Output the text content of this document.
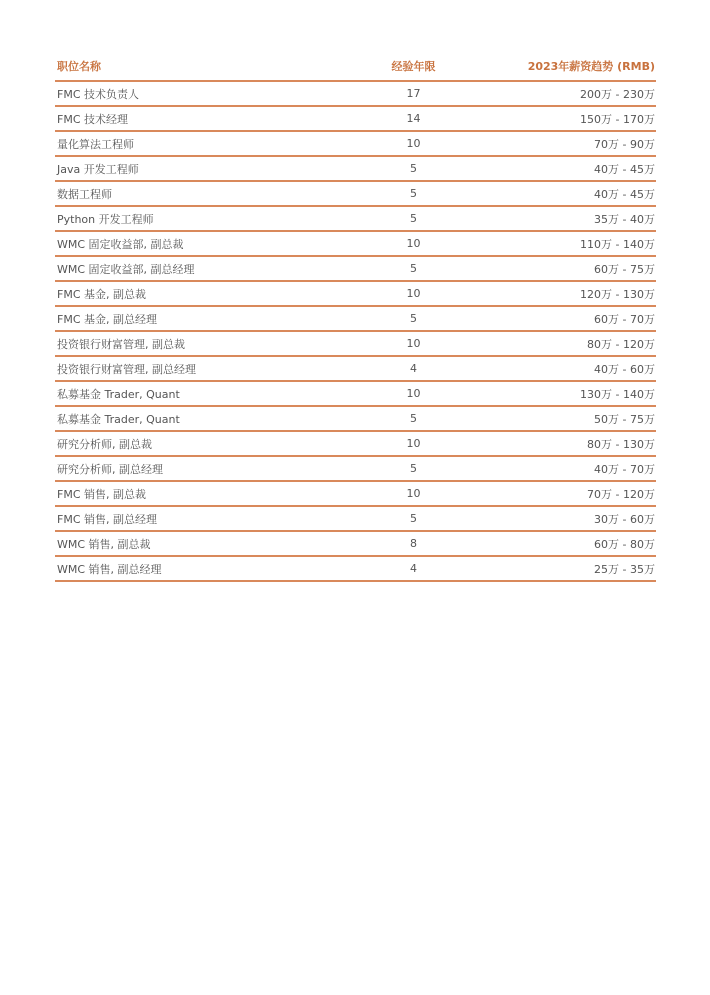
职位名称	经验年限	2023年薪资趋势 (RMB)
FMC 技术负责人	17	200万 - 230万
FMC 技术经理	14	150万 - 170万
量化算法工程师	10	70万 - 90万
Java 开发工程师	5	40万 - 45万
数据工程师	5	40万 - 45万
Python 开发工程师	5	35万 - 40万
WMC 固定收益部, 副总裁	10	110万 - 140万
WMC 固定收益部, 副总经理	5	60万 - 75万
FMC 基金, 副总裁	10	120万 - 130万
FMC 基金, 副总经理	5	60万 - 70万
投资银行财富管理, 副总裁	10	80万 - 120万
投资银行财富管理, 副总经理	4	40万 - 60万
私募基金 Trader, Quant	10	130万 - 140万
私募基金 Trader, Quant	5	50万 - 75万
研究分析师, 副总裁	10	80万 - 130万
研究分析师, 副总经理	5	40万 - 70万
FMC 销售, 副总裁	10	70万 - 120万
FMC 销售, 副总经理	5	30万 - 60万
WMC 销售, 副总裁	8	60万 - 80万
WMC 销售, 副总经理	4	25万 - 35万
